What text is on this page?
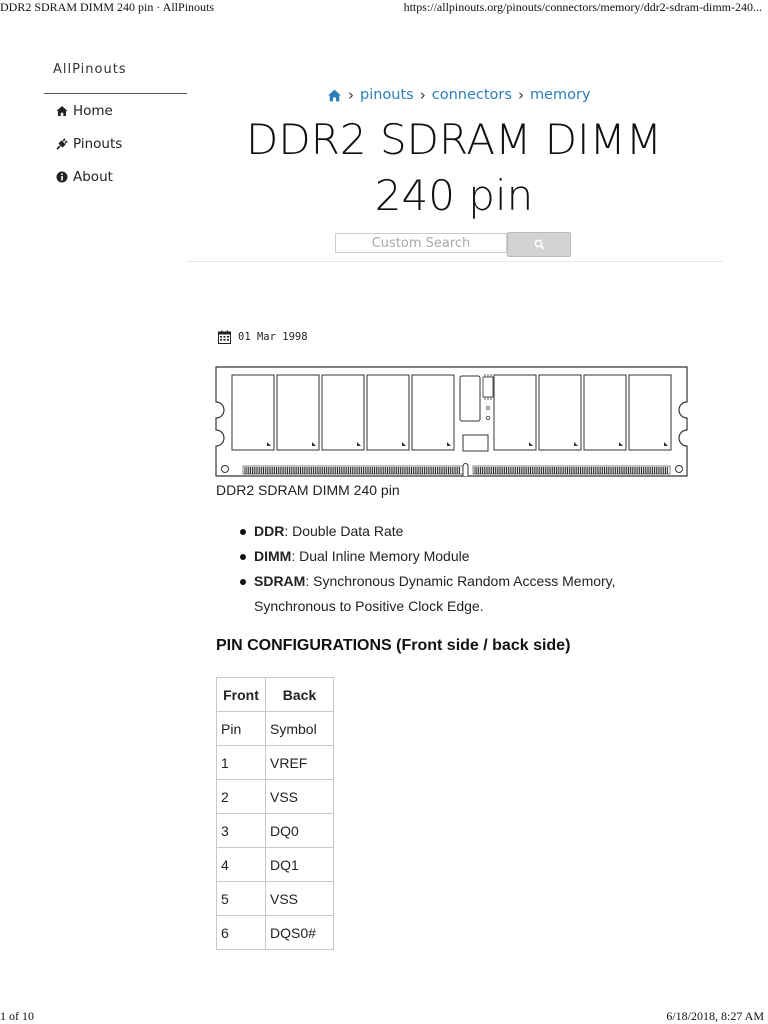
DDR2 SDRAM DIMM 240 pin · AllPinouts	https://allpinouts.org/pinouts/connectors/memory/ddr2-sdram-dimm-240...
AllPinouts
Home
Pinouts
About
› pinouts › connectors › memory
DDR2 SDRAM DIMM
240 pin
Custom Search
01 Mar 1998
DDR2 SDRAM DIMM 240 pin
DDR: Double Data Rate
DIMM: Dual Inline Memory Module
SDRAM: Synchronous Dynamic Random Access Memory, Synchronous to Positive Clock Edge.
PIN CONFIGURATIONS (Front side / back side)
Front	Back
Pin	Symbol
1	VREF
2	VSS
3	DQ0
4	DQ1
5	VSS
6	DQS0#
1 of 10	6/18/2018, 8:27 AM
